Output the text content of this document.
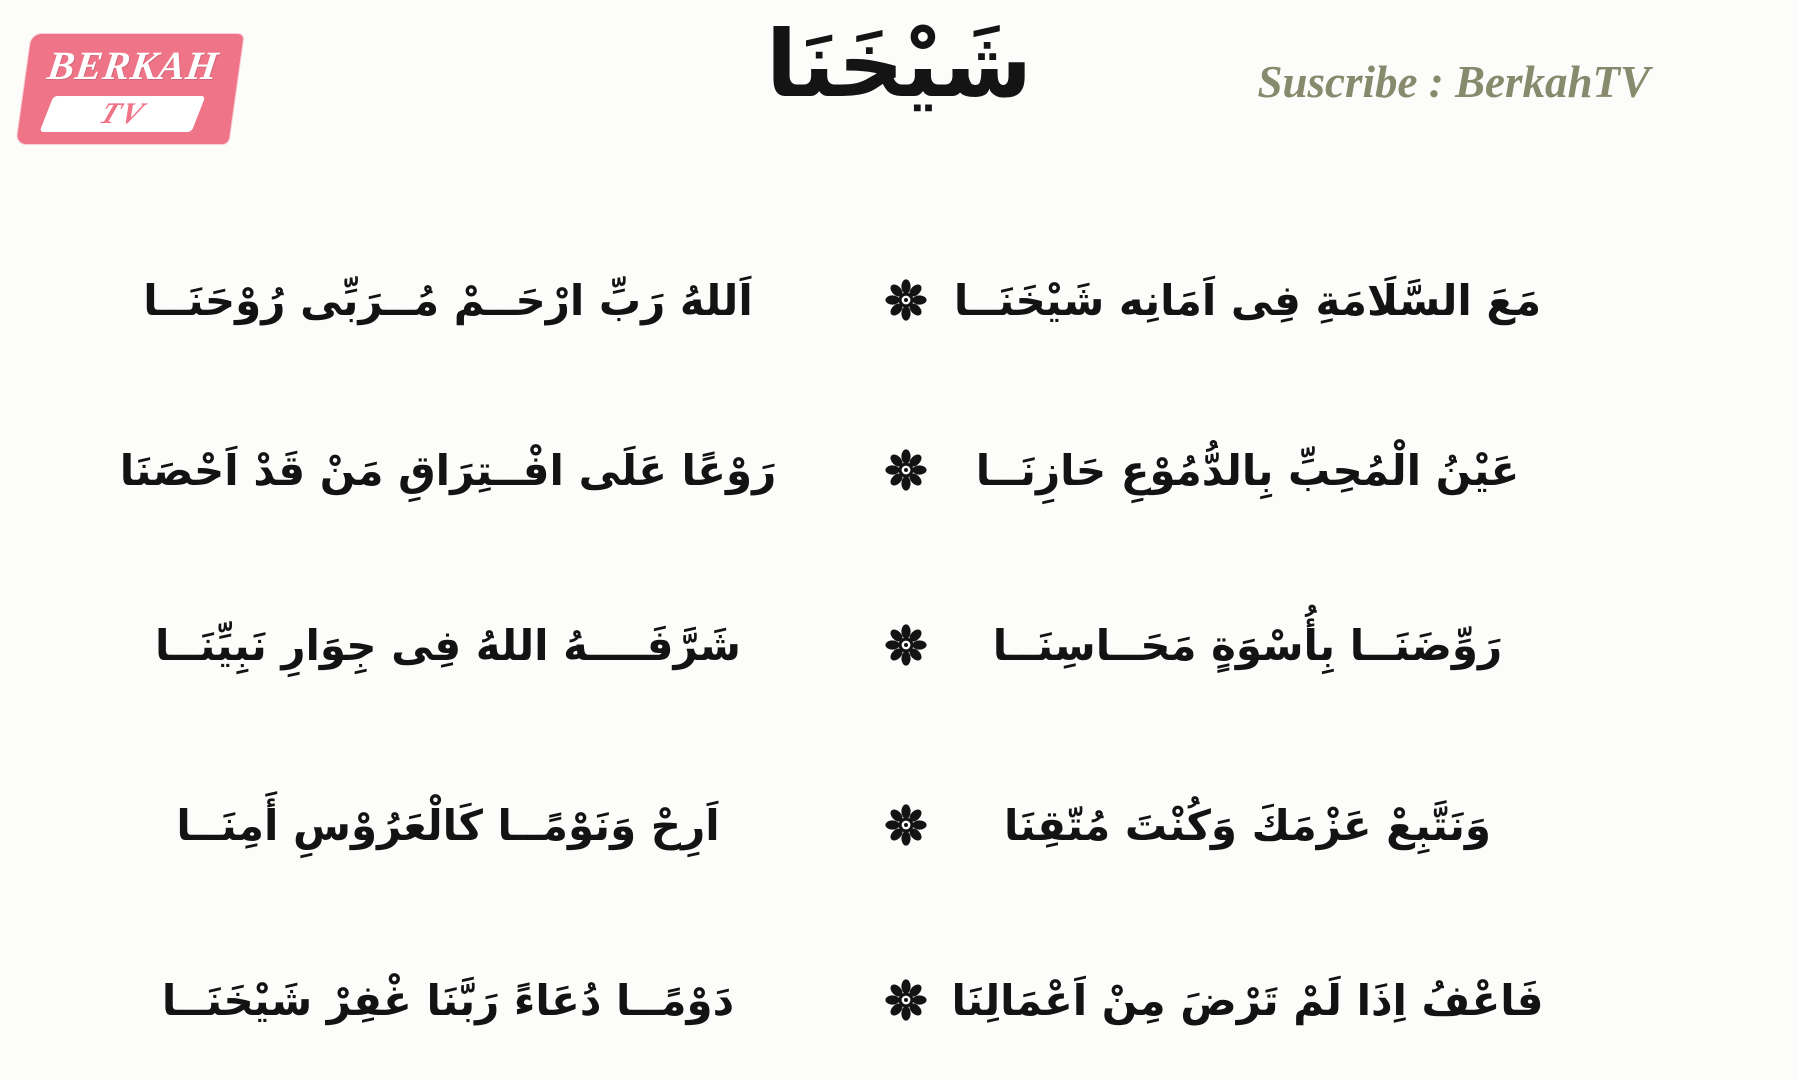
BERKAH
TV	شَيْخَنَا	Suscribe : BerkahTV
مَعَ السَّلَامَةِ فِى اَمَانِه شَيْخَنَــا
اَللهُ رَبِّ ارْحَــمْ مُــرَبِّى رُوْحَنَــا
عَيْنُ الْمُحِبِّ بِالدُّمُوْعِ حَازِنَــا
رَوْعًا عَلَى افْــتِرَاقِ مَنْ قَدْ اَحْصَنَا
رَوِّضَنَــا بِأُسْوَةٍ مَحَــاسِنَــا
شَرَّفَــــهُ اللهُ فِى جِوَارِ نَبِيِّنَــا
وَنَتَّبِعْ عَزْمَكَ وَكُنْتَ مُتّقِنَا
اَرِحْ وَنَوْمًــا كَالْعَرُوْسِ أَمِنَــا
فَاعْفُ اِذَا لَمْ تَرْضَ مِنْ اَعْمَالِنَا
دَوْمًــا دُعَاءً رَبَّنَا غْفِرْ شَيْخَنَــا
